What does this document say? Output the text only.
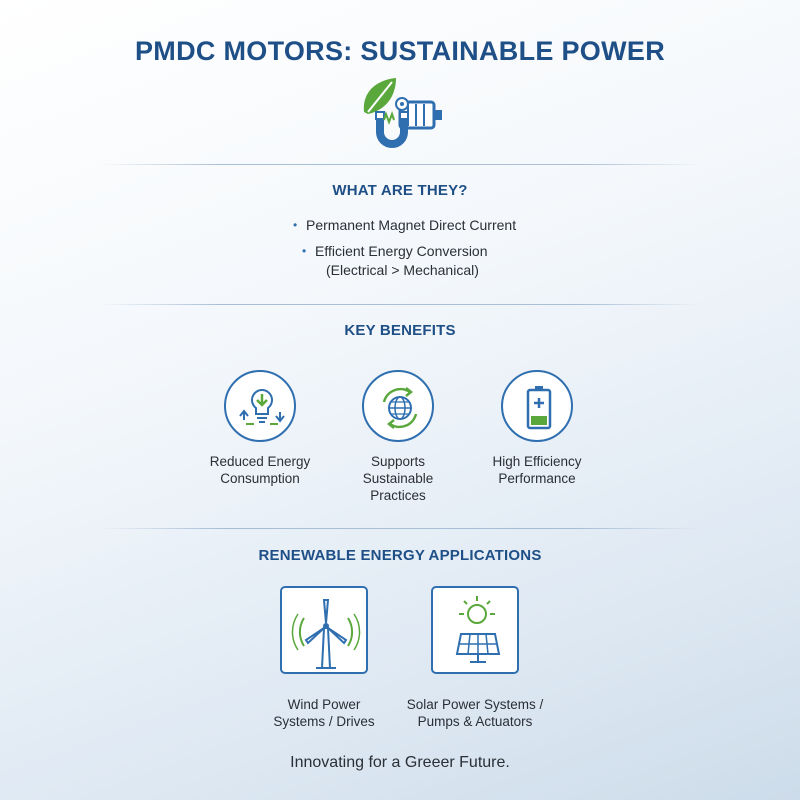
PMDC MOTORS: SUSTAINABLE POWER
WHAT ARE THEY?
• Permanent Magnet Direct Current
• Efficient Energy Conversion
(Electrical > Mechanical)
KEY BENEFITS
Reduced Energy
Consumption
Supports
Sustainable
Practices
High Efficiency
Performance
RENEWABLE ENERGY APPLICATIONS
Wind Power
Systems / Drives
Solar Power Systems /
Pumps & Actuators
Innovating for a Greeer Future.
